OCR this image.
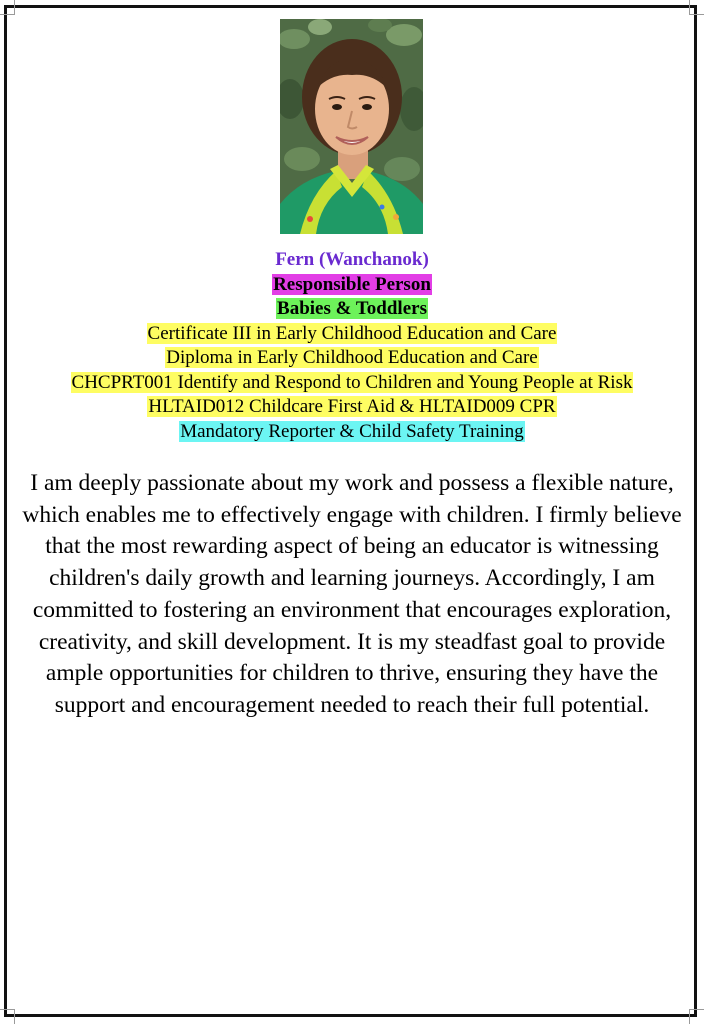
Fern (Wanchanok)
Responsible Person
Babies & Toddlers
Certificate III in Early Childhood Education and Care
Diploma in Early Childhood Education and Care
CHCPRT001 Identify and Respond to Children and Young People at Risk
HLTAID012 Childcare First Aid & HLTAID009 CPR
Mandatory Reporter & Child Safety Training
I am deeply passionate about my work and possess a flexible nature, which enables me to effectively engage with children. I firmly believe that the most rewarding aspect of being an educator is witnessing children's daily growth and learning journeys. Accordingly, I am committed to fostering an environment that encourages exploration, creativity, and skill development. It is my steadfast goal to provide ample opportunities for children to thrive, ensuring they have the support and encouragement needed to reach their full potential.
